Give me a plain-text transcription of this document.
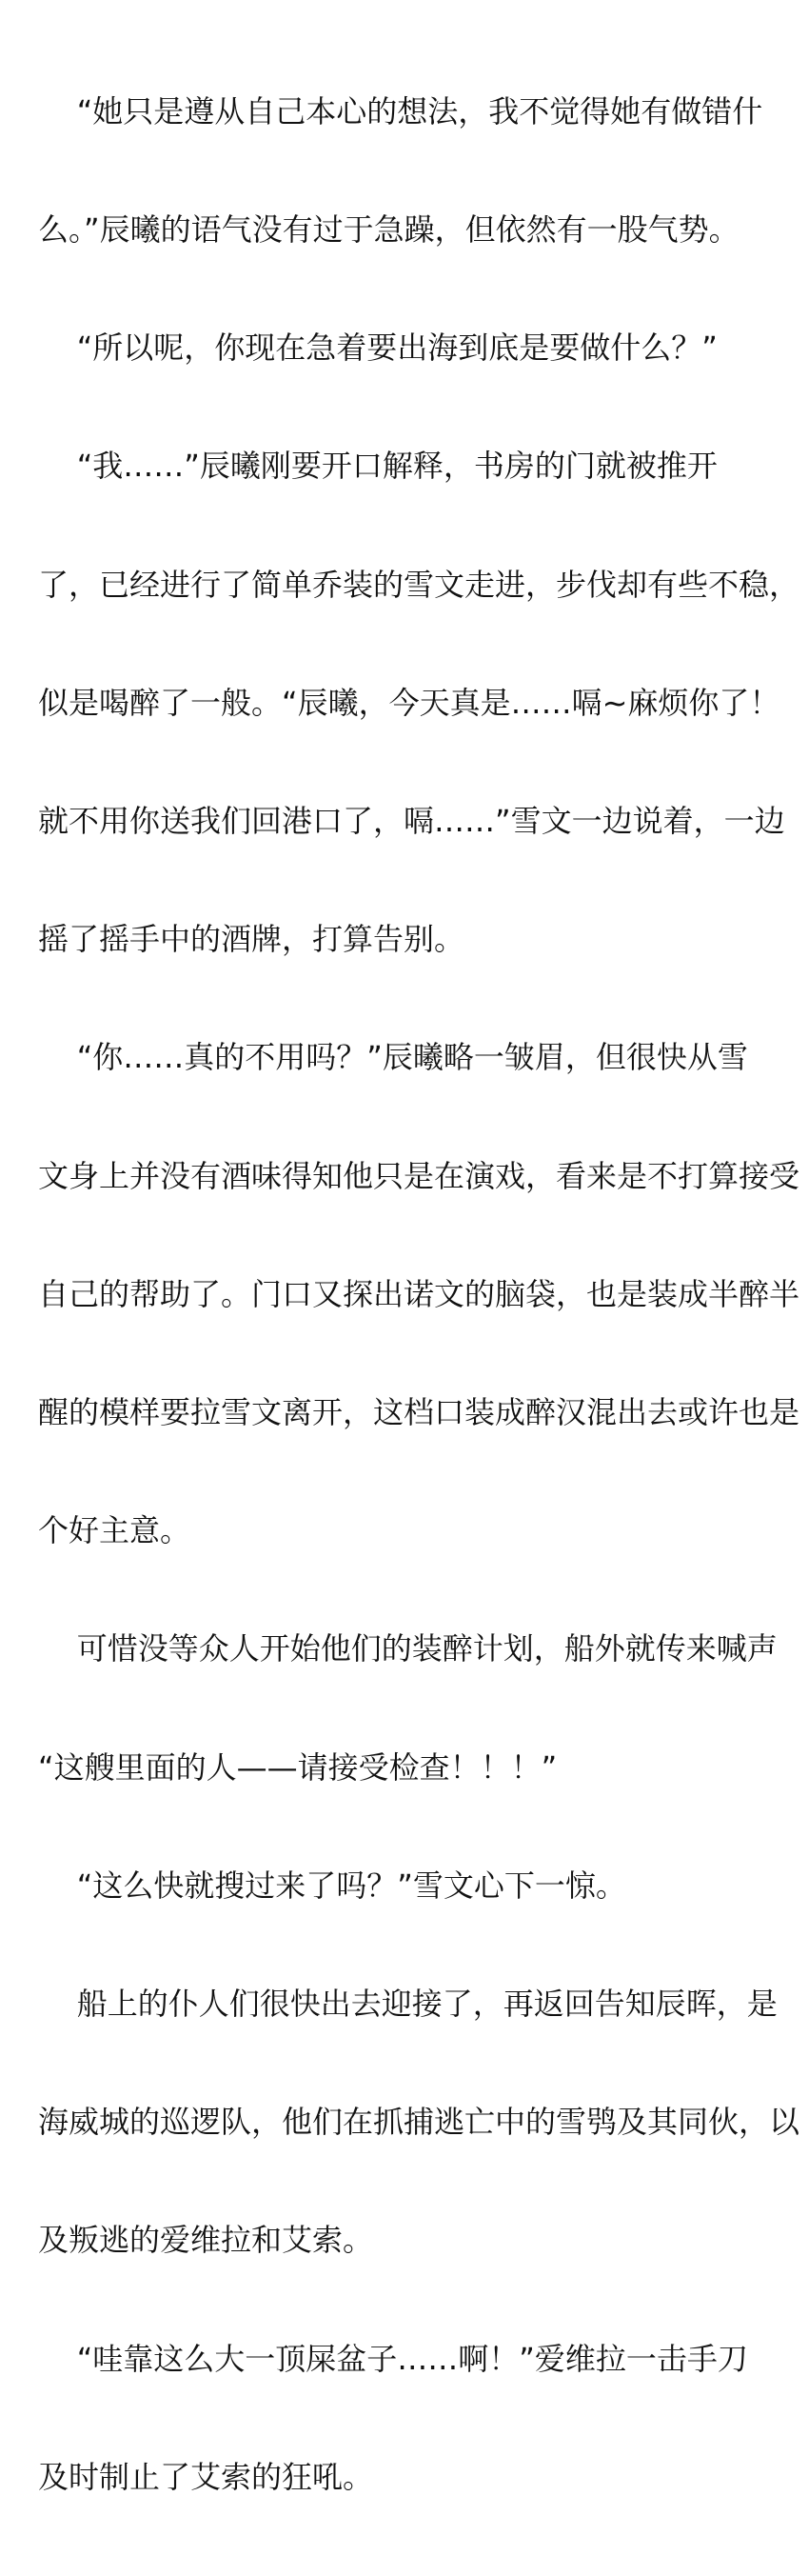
“她只是遵从自己本心的想法，我不觉得她有做错什

么。”辰曦的语气没有过于急躁，但依然有一股气势。

“所以呢，你现在急着要出海到底是要做什么？”

“我……”辰曦刚要开口解释，书房的门就被推开

了，已经进行了简单乔装的雪文走进，步伐却有些不稳，

似是喝醉了一般。“辰曦，今天真是……嗝~麻烦你了！

就不用你送我们回港口了，嗝……”雪文一边说着，一边

摇了摇手中的酒牌，打算告别。

“你……真的不用吗？”辰曦略一皱眉，但很快从雪

文身上并没有酒味得知他只是在演戏，看来是不打算接受

自己的帮助了。门口又探出诺文的脑袋，也是装成半醉半

醒的模样要拉雪文离开，这档口装成醉汉混出去或许也是

个好主意。

可惜没等众人开始他们的装醉计划，船外就传来喊声

“这艘里面的人——请接受检查！！！”

“这么快就搜过来了吗？”雪文心下一惊。

船上的仆人们很快出去迎接了，再返回告知辰晖，是

海威城的巡逻队，他们在抓捕逃亡中的雪鸮及其同伙，以

及叛逃的爱维拉和艾索。

“哇靠这么大一顶屎盆子……啊！”爱维拉一击手刀

及时制止了艾索的狂吼。
